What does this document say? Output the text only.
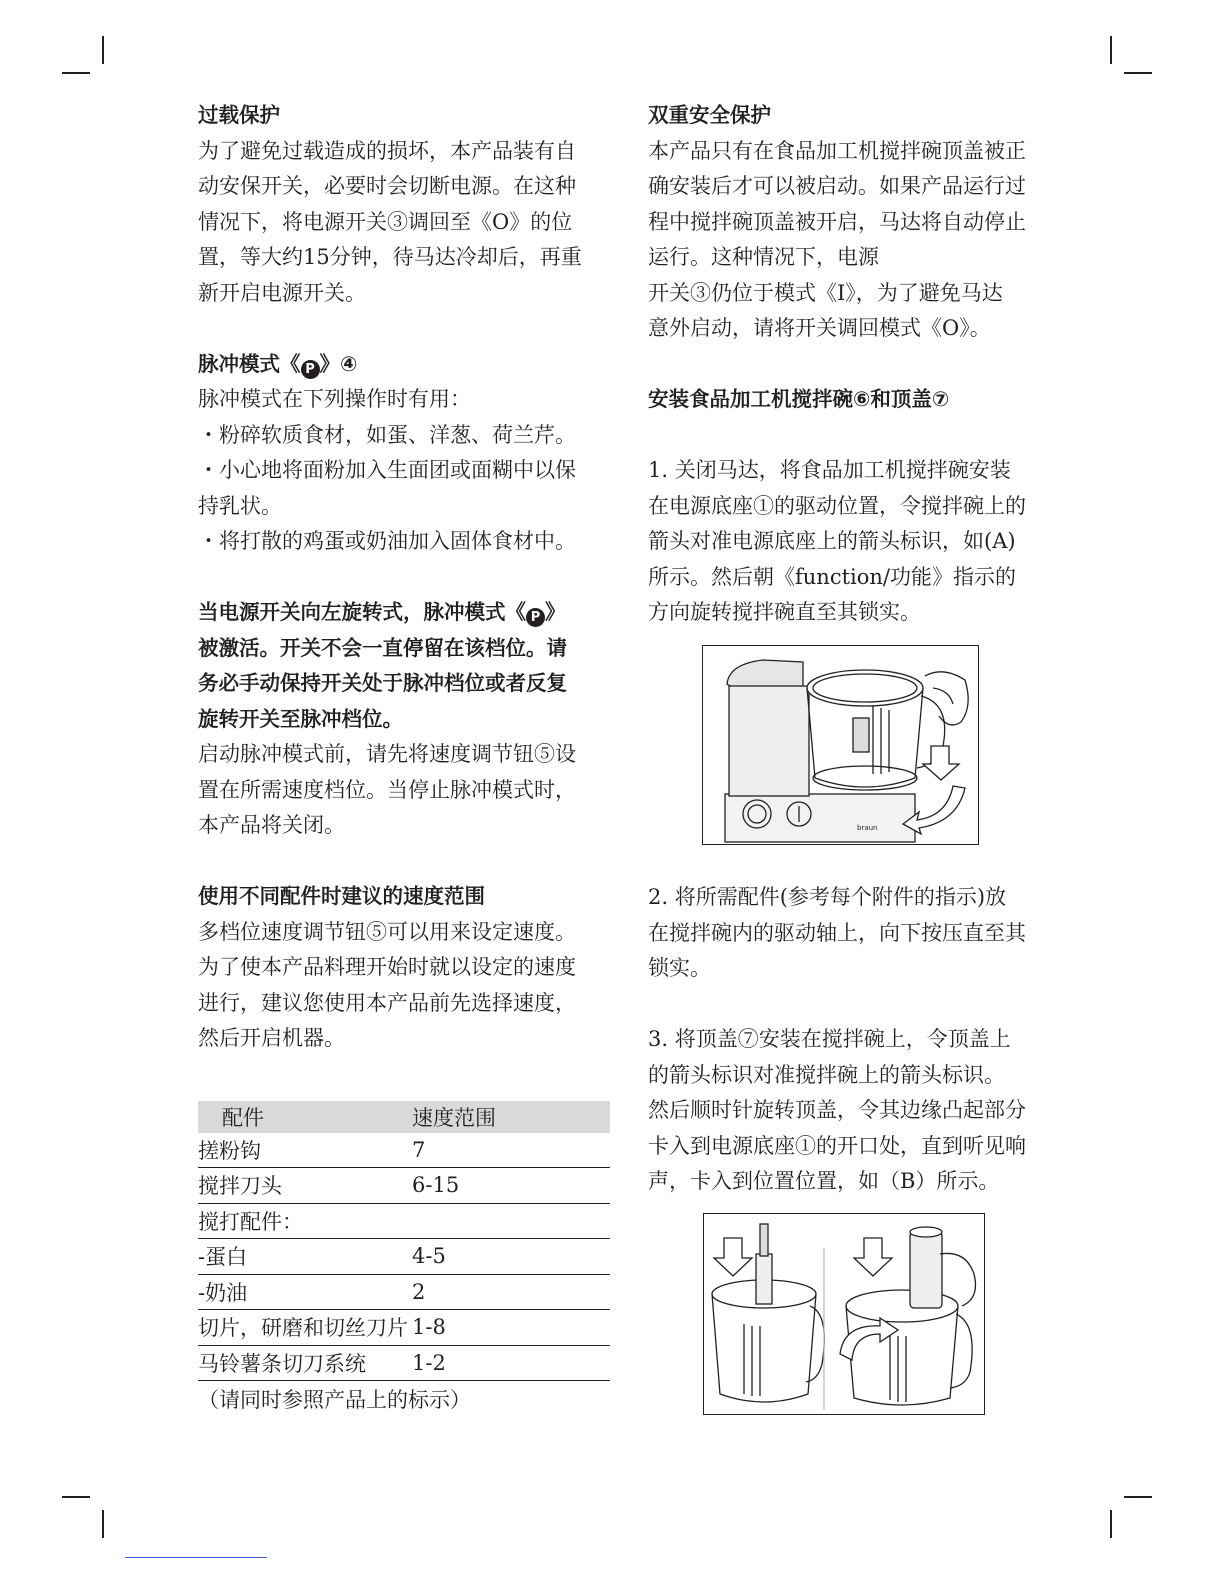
过载保护

为了避免过载造成的损坏，本产品装有自

动安保开关，必要时会切断电源。在这种

情况下，将电源开关③调回至《O》的位

置，等大约15分钟，待马达冷却后，再重

新开启电源开关。

脉冲模式《 P 》④

脉冲模式在下列操作时有用：

・粉碎软质食材，如蛋、洋葱、荷兰芹。

・小心地将面粉加入生面团或面糊中以保

持乳状。

・将打散的鸡蛋或奶油加入固体食材中。

当电源开关向左旋转式，脉冲模式《 P 》

被激活。开关不会一直停留在该档位。请

务必手动保持开关处于脉冲档位或者反复

旋转开关至脉冲档位。

启动脉冲模式前，请先将速度调节钮⑤设

置在所需速度档位。当停止脉冲模式时，

本产品将关闭。

使用不同配件时建议的速度范围

多档位速度调节钮⑤可以用来设定速度。

为了使本产品料理开始时就以设定的速度

进行，建议您使用本产品前先选择速度，

然后开启机器。

配件	速度范围
搓粉钩	7
搅拌刀头	6-15
搅打配件：	
-蛋白	4-5
-奶油	2
切片，研磨和切丝刀片	1-8
马铃薯条切刀系统	1-2

（请同时参照产品上的标示）

双重安全保护

本产品只有在食品加工机搅拌碗顶盖被正

确安装后才可以被启动。如果产品运行过

程中搅拌碗顶盖被开启，马达将自动停止

运行。这种情况下，电源

开关③仍位于模式《I》，为了避免马达

意外启动，请将开关调回模式《O》。

安装食品加工机搅拌碗⑥和顶盖⑦

1. 关闭马达，将食品加工机搅拌碗安装

在电源底座①的驱动位置，令搅拌碗上的

箭头对准电源底座上的箭头标识，如(A)

所示。然后朝《function/功能》指示的

方向旋转搅拌碗直至其锁实。

2. 将所需配件(参考每个附件的指示)放

在搅拌碗内的驱动轴上，向下按压直至其

锁实。

3. 将顶盖⑦安装在搅拌碗上，令顶盖上

的箭头标识对准搅拌碗上的箭头标识。

然后顺时针旋转顶盖，令其边缘凸起部分

卡入到电源底座①的开口处，直到听见响

声，卡入到位置位置，如（B）所示。

braun
